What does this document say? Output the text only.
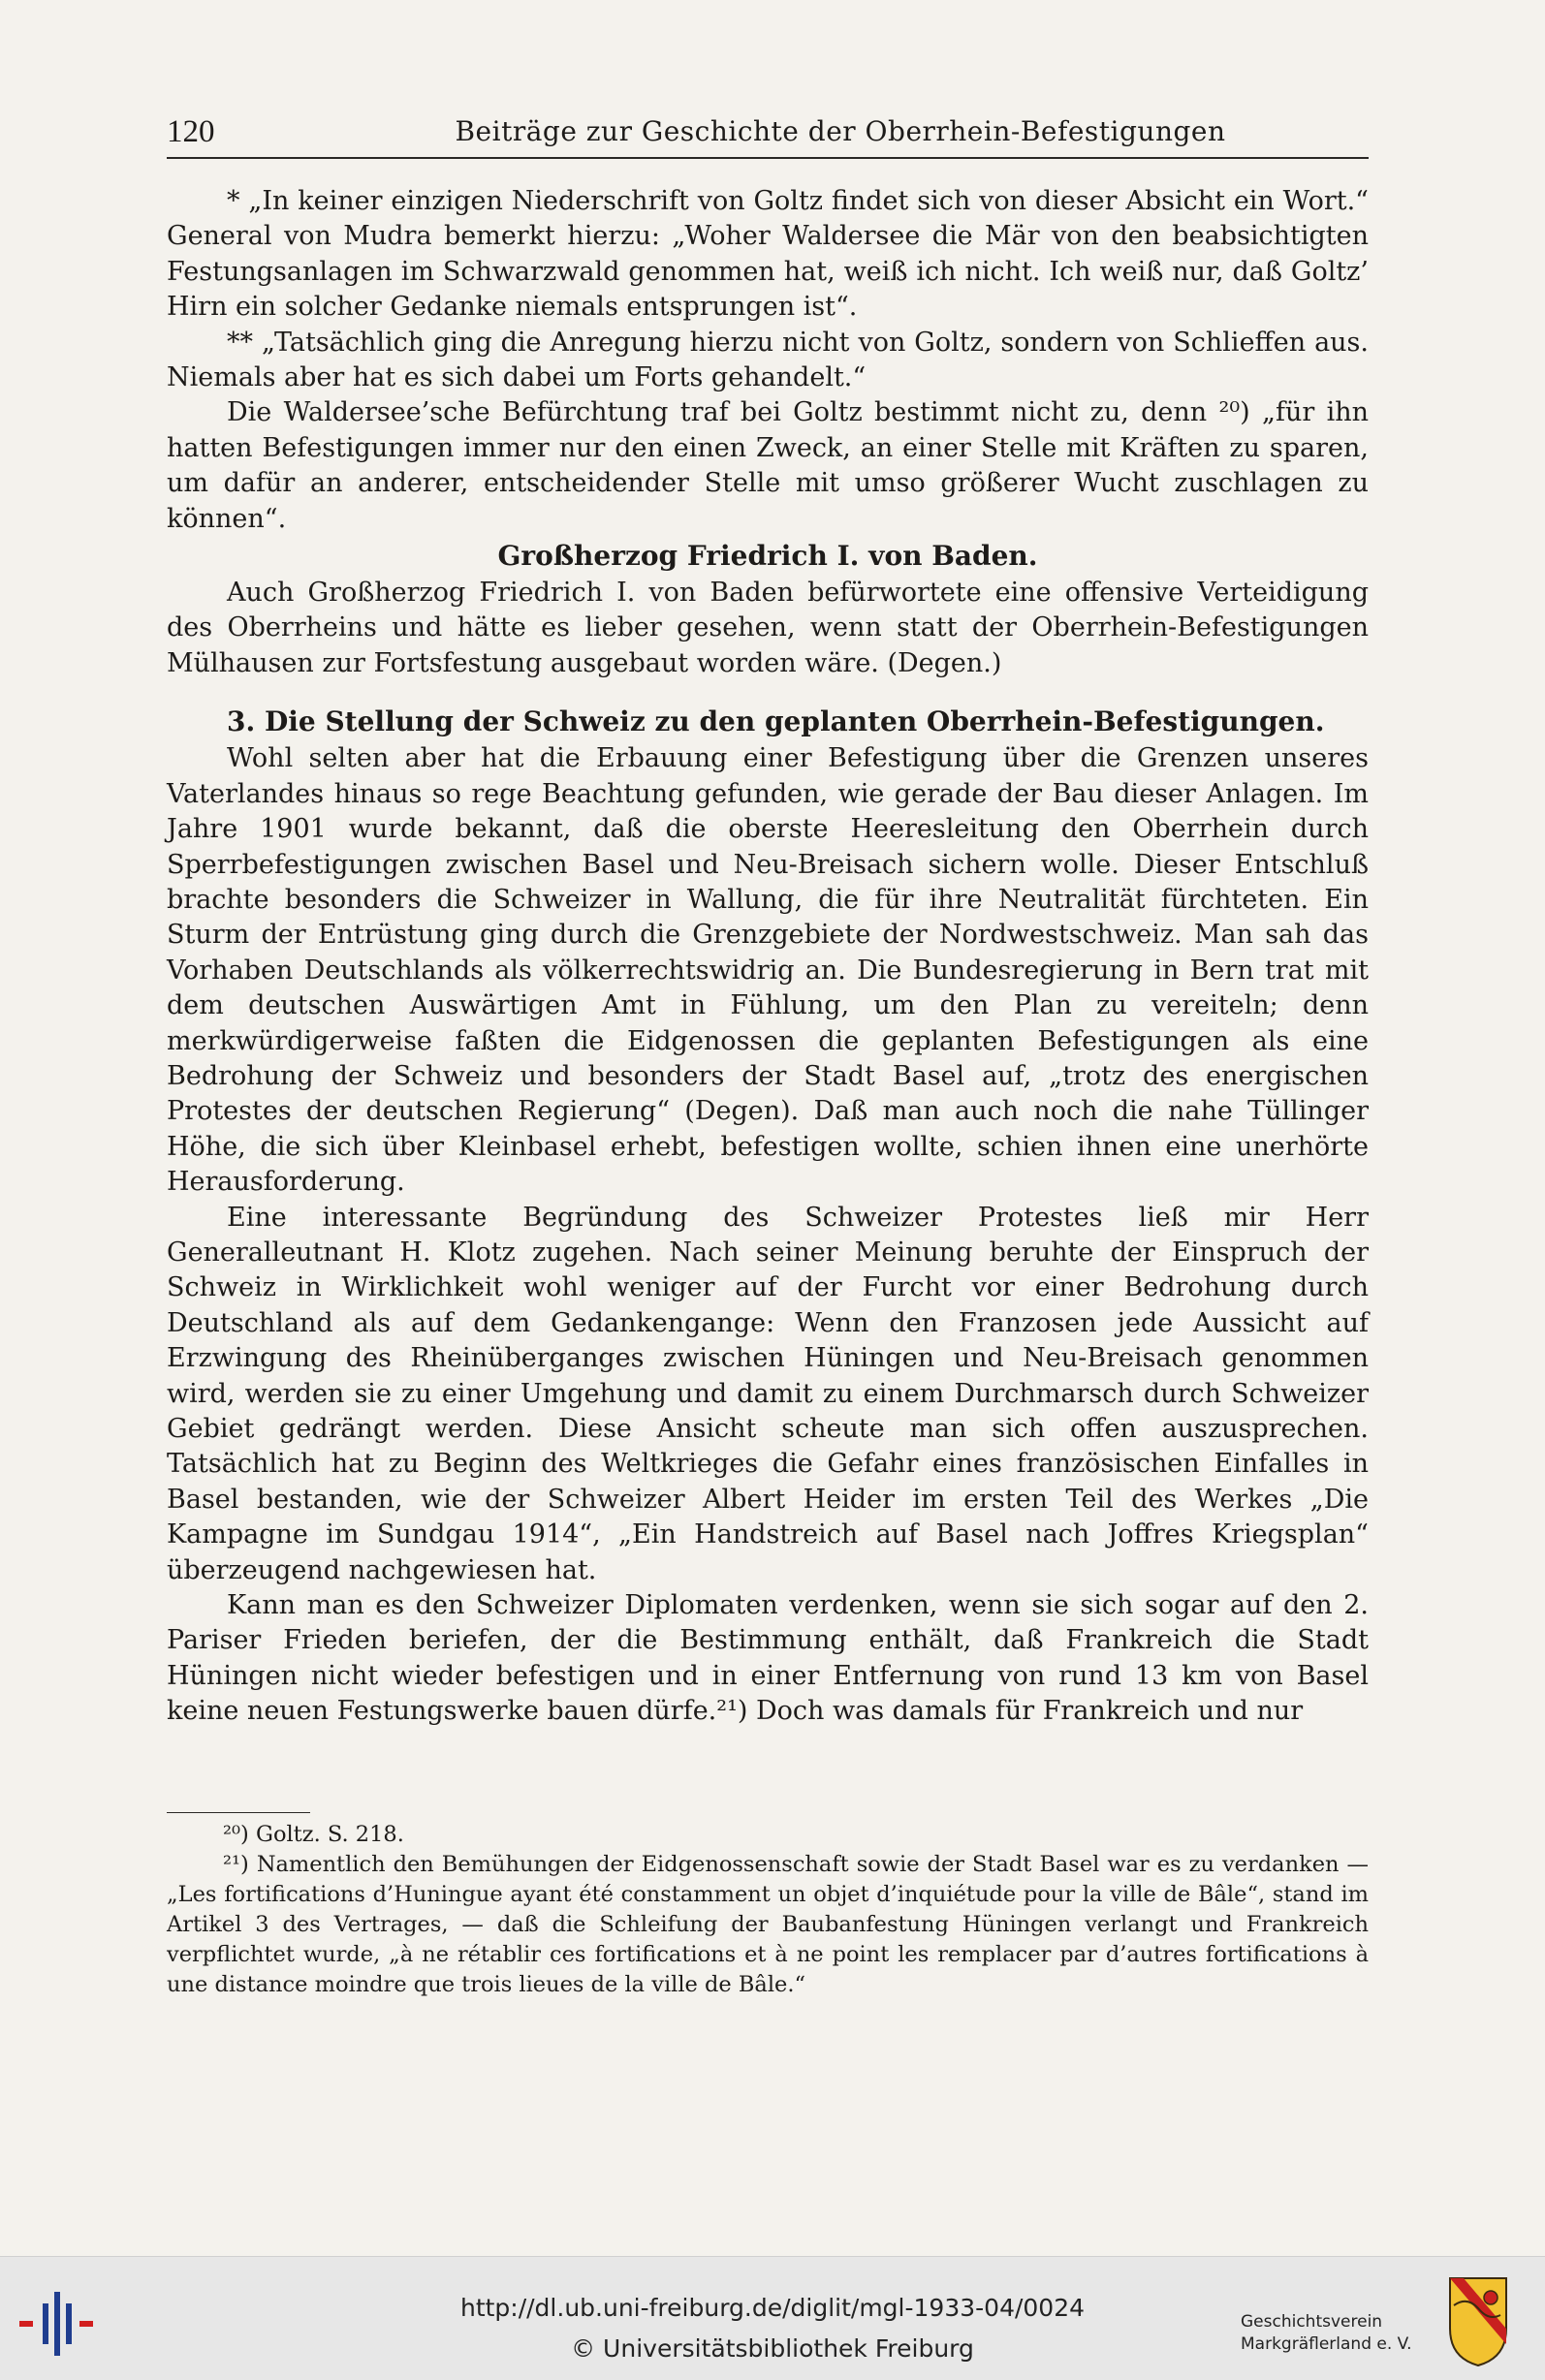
120	Beiträge zur Geschichte der Oberrhein-Befestigungen

* „In keiner einzigen Niederschrift von Goltz findet sich von dieser Absicht ein Wort.“ General von Mudra bemerkt hierzu: „Woher Waldersee die Mär von den beabsichtigten Festungsanlagen im Schwarzwald genommen hat, weiß ich nicht. Ich weiß nur, daß Goltz’ Hirn ein solcher Gedanke niemals entsprungen ist“.

** „Tatsächlich ging die Anregung hierzu nicht von Goltz, sondern von Schlieffen aus. Niemals aber hat es sich dabei um Forts gehandelt.“

Die Waldersee’sche Befürchtung traf bei Goltz bestimmt nicht zu, denn ²⁰) „für ihn hatten Befestigungen immer nur den einen Zweck, an einer Stelle mit Kräften zu sparen, um dafür an anderer, entscheidender Stelle mit umso größerer Wucht zuschlagen zu können“.

Großherzog Friedrich I. von Baden.

Auch Großherzog Friedrich I. von Baden befürwortete eine offensive Verteidigung des Oberrheins und hätte es lieber gesehen, wenn statt der Oberrhein-Befestigungen Mülhausen zur Fortsfestung ausgebaut worden wäre. (Degen.)

3. Die Stellung der Schweiz zu den geplanten Oberrhein-Befestigungen.

Wohl selten aber hat die Erbauung einer Befestigung über die Grenzen unseres Vaterlandes hinaus so rege Beachtung gefunden, wie gerade der Bau dieser Anlagen. Im Jahre 1901 wurde bekannt, daß die oberste Heeresleitung den Oberrhein durch Sperrbefestigungen zwischen Basel und Neu-Breisach sichern wolle. Dieser Entschluß brachte besonders die Schweizer in Wallung, die für ihre Neutralität fürchteten. Ein Sturm der Entrüstung ging durch die Grenzgebiete der Nordwestschweiz. Man sah das Vorhaben Deutschlands als völkerrechtswidrig an. Die Bundesregierung in Bern trat mit dem deutschen Auswärtigen Amt in Fühlung, um den Plan zu vereiteln; denn merkwürdigerweise faßten die Eidgenossen die geplanten Befestigungen als eine Bedrohung der Schweiz und besonders der Stadt Basel auf, „trotz des energischen Protestes der deutschen Regierung“ (Degen). Daß man auch noch die nahe Tüllinger Höhe, die sich über Kleinbasel erhebt, befestigen wollte, schien ihnen eine unerhörte Herausforderung.

Eine interessante Begründung des Schweizer Protestes ließ mir Herr Generalleutnant H. Klotz zugehen. Nach seiner Meinung beruhte der Einspruch der Schweiz in Wirklichkeit wohl weniger auf der Furcht vor einer Bedrohung durch Deutschland als auf dem Gedankengange: Wenn den Franzosen jede Aussicht auf Erzwingung des Rheinüberganges zwischen Hüningen und Neu-Breisach genommen wird, werden sie zu einer Umgehung und damit zu einem Durchmarsch durch Schweizer Gebiet gedrängt werden. Diese Ansicht scheute man sich offen auszusprechen. Tatsächlich hat zu Beginn des Weltkrieges die Gefahr eines französischen Einfalles in Basel bestanden, wie der Schweizer Albert Heider im ersten Teil des Werkes „Die Kampagne im Sundgau 1914“, „Ein Handstreich auf Basel nach Joffres Kriegsplan“ überzeugend nachgewiesen hat.

Kann man es den Schweizer Diplomaten verdenken, wenn sie sich sogar auf den 2. Pariser Frieden beriefen, der die Bestimmung enthält, daß Frankreich die Stadt Hüningen nicht wieder befestigen und in einer Entfernung von rund 13 km von Basel keine neuen Festungswerke bauen dürfe.²¹) Doch was damals für Frankreich und nur

²⁰) Goltz. S. 218.

²¹) Namentlich den Bemühungen der Eidgenossenschaft sowie der Stadt Basel war es zu verdanken — „Les fortifications d’Huningue ayant été constamment un objet d’inquiétude pour la ville de Bâle“, stand im Artikel 3 des Vertrages, — daß die Schleifung der Baubanfestung Hüningen verlangt und Frankreich verpflichtet wurde, „à ne rétablir ces fortifications et à ne point les remplacer par d’autres fortifications à une distance moindre que trois lieues de la ville de Bâle.“

http://dl.ub.uni-freiburg.de/diglit/mgl-1933-04/0024
© Universitätsbibliothek Freiburg
Geschichtsverein
Markgräflerland e. V.
